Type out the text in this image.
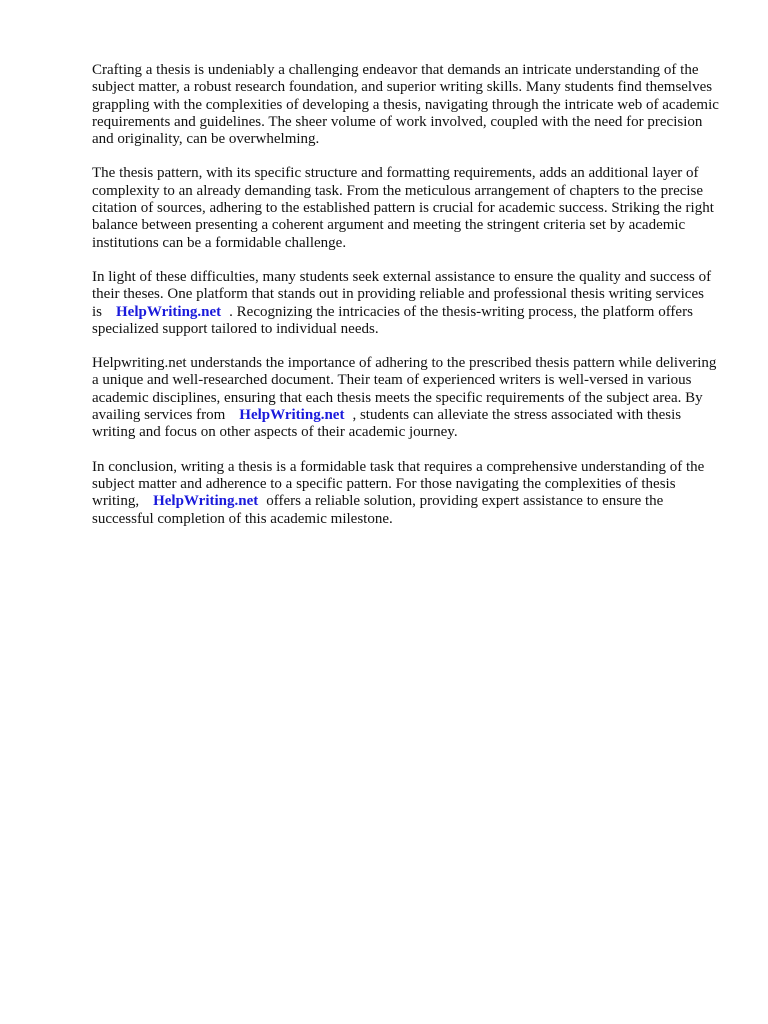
Crafting a thesis is undeniably a challenging endeavor that demands an intricate understanding of the subject matter, a robust research foundation, and superior writing skills. Many students find themselves grappling with the complexities of developing a thesis, navigating through the intricate web of academic requirements and guidelines. The sheer volume of work involved, coupled with the need for precision and originality, can be overwhelming.

The thesis pattern, with its specific structure and formatting requirements, adds an additional layer of complexity to an already demanding task. From the meticulous arrangement of chapters to the precise citation of sources, adhering to the established pattern is crucial for academic success. Striking the right balance between presenting a coherent argument and meeting the stringent criteria set by academic institutions can be a formidable challenge.

In light of these difficulties, many students seek external assistance to ensure the quality and success of their theses. One platform that stands out in providing reliable and professional thesis writing services is HelpWriting.net . Recognizing the intricacies of the thesis-writing process, the platform offers specialized support tailored to individual needs.

Helpwriting.net understands the importance of adhering to the prescribed thesis pattern while delivering a unique and well-researched document. Their team of experienced writers is well-versed in various academic disciplines, ensuring that each thesis meets the specific requirements of the subject area. By availing services from HelpWriting.net , students can alleviate the stress associated with thesis writing and focus on other aspects of their academic journey.

In conclusion, writing a thesis is a formidable task that requires a comprehensive understanding of the subject matter and adherence to a specific pattern. For those navigating the complexities of thesis writing, HelpWriting.net offers a reliable solution, providing expert assistance to ensure the successful completion of this academic milestone.
